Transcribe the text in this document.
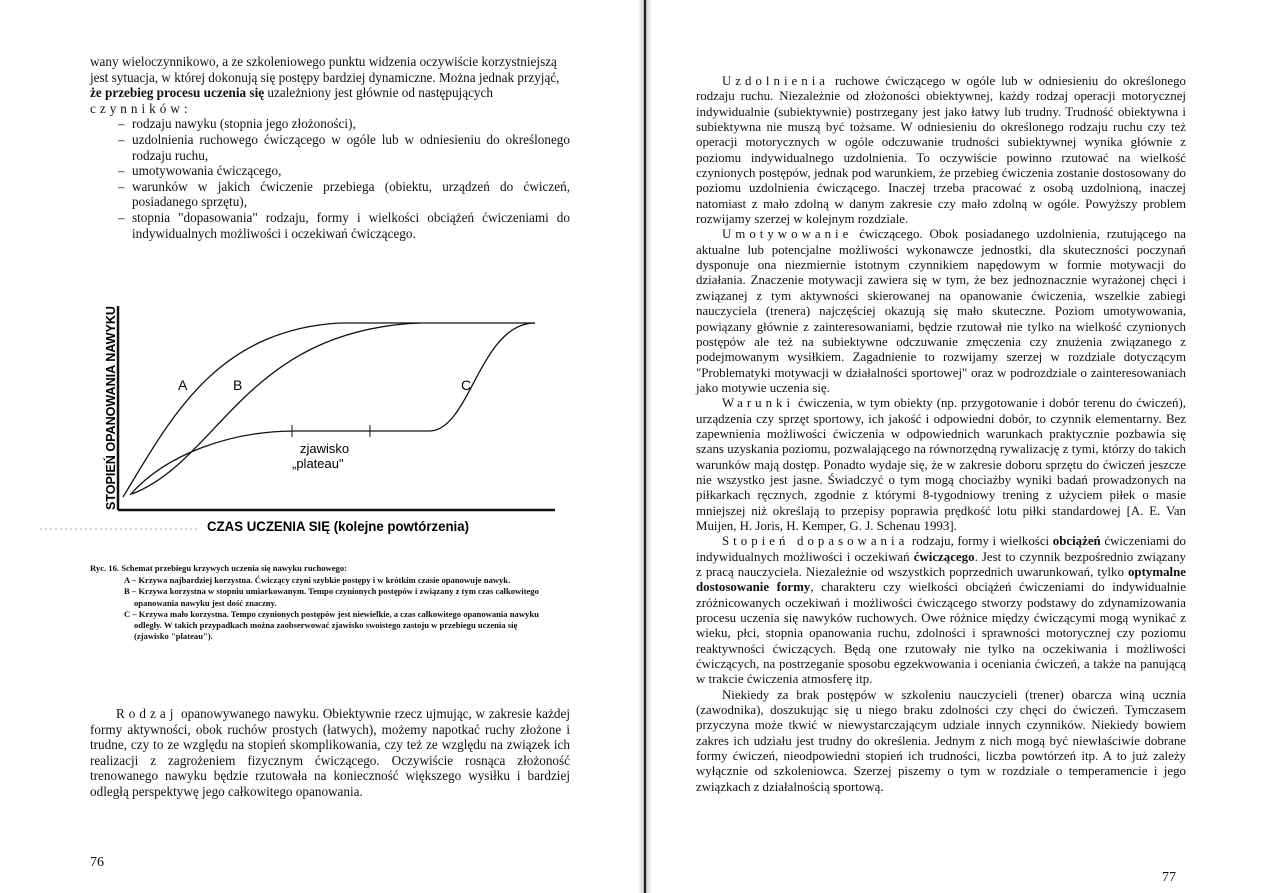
wany wieloczynnikowo, a ze szkoleniowego punktu widzenia oczywiście korzystniejszą

jest sytuacja, w której dokonują się postępy bardziej dynamiczne. Można jednak przyjąć,

że przebieg procesu uczenia się uzależniony jest głównie od następujących

czynników:

– rodzaju nawyku (stopnia jego złożoności),
– uzdolnienia ruchowego ćwiczącego w ogóle lub w odniesieniu do określonego rodzaju ruchu,
– umotywowania ćwiczącego,
– warunków w jakich ćwiczenie przebiega (obiektu, urządzeń do ćwiczeń, posiadanego sprzętu),
– stopnia "dopasowania" rodzaju, formy i wielkości obciążeń ćwiczeniami do indywidualnych możliwości i oczekiwań ćwiczącego.
STOPIEŃ OPANOWANIA NAWYKU	A	B	C
zjawisko
„plateau"
CZAS UCZENIA SIĘ (kolejne powtórzenia)
Ryc. 16. Schemat przebiegu krzywych uczenia się nawyku ruchowego:
A – Krzywa najbardziej korzystna. Ćwiczący czyni szybkie postępy i w krótkim czasie opanowuje nawyk.
B – Krzywa korzystna w stopniu umiarkowanym. Tempo czynionych postępów i związany z tym czas całkowitego opanowania nawyku jest dość znaczny.
C – Krzywa mało korzystna. Tempo czynionych postępów jest niewielkie, a czas całkowitego opanowania nawyku odległy. W takich przypadkach można zaobserwować zjawisko swoistego zastoju w przebiegu uczenia się (zjawisko "plateau").

Rodzaj opanowywanego nawyku. Obiektywnie rzecz ujmując, w zakresie każdej formy aktywności, obok ruchów prostych (łatwych), możemy napotkać ruchy złożone i trudne, czy to ze względu na stopień skomplikowania, czy też ze względu na związek ich realizacji z zagrożeniem fizycznym ćwiczącego. Oczywiście rosnąca złożoność trenowanego nawyku będzie rzutowała na konieczność większego wysiłku i bardziej odległą perspektywę jego całkowitego opanowania.

76

Uzdolnienia ruchowe ćwiczącego w ogóle lub w odniesieniu do określonego rodzaju ruchu. Niezależnie od złożoności obiektywnej, każdy rodzaj operacji motorycznej indywidualnie (subiektywnie) postrzegany jest jako łatwy lub trudny. Trudność obiektywna i subiektywna nie muszą być tożsame. W odniesieniu do określonego rodzaju ruchu czy też operacji motorycznych w ogóle odczuwanie trudności subiektywnej wynika głównie z poziomu indywidualnego uzdolnienia. To oczywiście powinno rzutować na wielkość czynionych postępów, jednak pod warunkiem, że przebieg ćwiczenia zostanie dostosowany do poziomu uzdolnienia ćwiczącego. Inaczej trzeba pracować z osobą uzdolnioną, inaczej natomiast z mało zdolną w danym zakresie czy mało zdolną w ogóle. Powyższy problem rozwijamy szerzej w kolejnym rozdziale.

Umotywowanie ćwiczącego. Obok posiadanego uzdolnienia, rzutującego na aktualne lub potencjalne możliwości wykonawcze jednostki, dla skuteczności poczynań dysponuje ona niezmiernie istotnym czynnikiem napędowym w formie motywacji do działania. Znaczenie motywacji zawiera się w tym, że bez jednoznacznie wyrażonej chęci i związanej z tym aktywności skierowanej na opanowanie ćwiczenia, wszelkie zabiegi nauczyciela (trenera) najczęściej okazują się mało skuteczne. Poziom umotywowania, powiązany głównie z zainteresowaniami, będzie rzutował nie tylko na wielkość czynionych postępów ale też na subiektywne odczuwanie zmęczenia czy znużenia związanego z podejmowanym wysiłkiem. Zagadnienie to rozwijamy szerzej w rozdziale dotyczącym "Problematyki motywacji w działalności sportowej" oraz w podrozdziale o zainteresowaniach jako motywie uczenia się.

Warunki ćwiczenia, w tym obiekty (np. przygotowanie i dobór terenu do ćwiczeń), urządzenia czy sprzęt sportowy, ich jakość i odpowiedni dobór, to czynnik elementarny. Bez zapewnienia możliwości ćwiczenia w odpowiednich warunkach praktycznie pozbawia się szans uzyskania poziomu, pozwalającego na równorzędną rywalizację z tymi, którzy do takich warunków mają dostęp. Ponadto wydaje się, że w zakresie doboru sprzętu do ćwiczeń jeszcze nie wszystko jest jasne. Świadczyć o tym mogą chociażby wyniki badań prowadzonych na piłkarkach ręcznych, zgodnie z którymi 8-tygodniowy trening z użyciem piłek o masie mniejszej niż określają to przepisy poprawia prędkość lotu piłki standardowej [A. E. Van Muijen, H. Joris, H. Kemper, G. J. Schenau 1993].

Stopień dopasowania rodzaju, formy i wielkości obciążeń ćwiczeniami do indywidualnych możliwości i oczekiwań ćwiczącego. Jest to czynnik bezpośrednio związany z pracą nauczyciela. Niezależnie od wszystkich poprzednich uwarunkowań, tylko optymalne dostosowanie formy, charakteru czy wielkości obciążeń ćwiczeniami do indywidualnie zróżnicowanych oczekiwań i możliwości ćwiczącego stworzy podstawy do zdynamizowania procesu uczenia się nawyków ruchowych. Owe różnice między ćwiczącymi mogą wynikać z wieku, płci, stopnia opanowania ruchu, zdolności i sprawności motorycznej czy poziomu reaktywności ćwiczących. Będą one rzutowały nie tylko na oczekiwania i możliwości ćwiczących, na postrzeganie sposobu egzekwowania i oceniania ćwiczeń, a także na panującą w trakcie ćwiczenia atmosferę itp.

Niekiedy za brak postępów w szkoleniu nauczycieli (trener) obarcza winą ucznia (zawodnika), doszukując się u niego braku zdolności czy chęci do ćwiczeń. Tymczasem przyczyna może tkwić w niewystarczającym udziale innych czynników. Niekiedy bowiem zakres ich udziału jest trudny do określenia. Jednym z nich mogą być niewłaściwie dobrane formy ćwiczeń, nieodpowiedni stopień ich trudności, liczba powtórzeń itp. A to już zależy wyłącznie od szkoleniowca. Szerzej piszemy o tym w rozdziale o temperamencie i jego związkach z działalnością sportową.

77
